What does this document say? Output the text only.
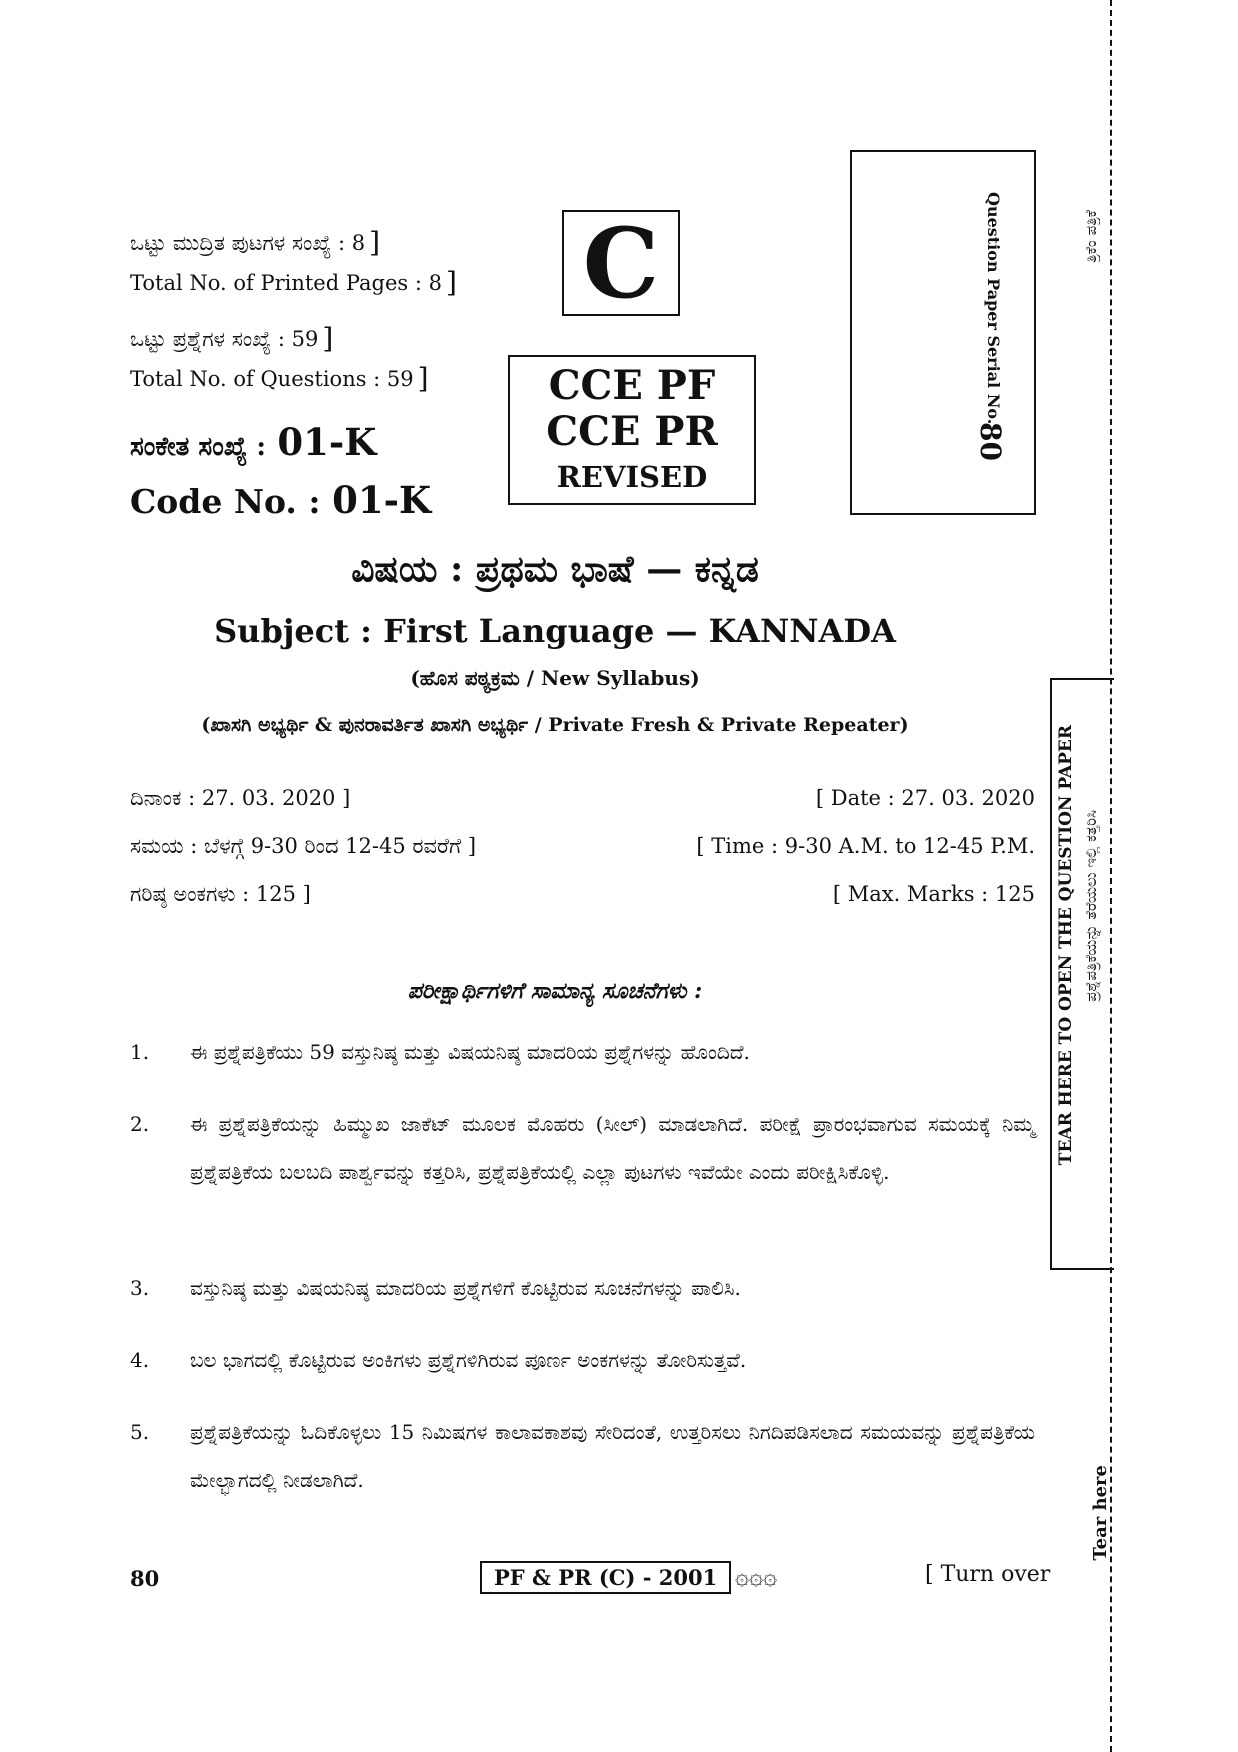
ಒಟ್ಟು ಮುದ್ರಿತ ಪುಟಗಳ ಸಂಖ್ಯೆ : 8 ]
Total No. of Printed Pages : 8 ]
ಒಟ್ಟು ಪ್ರಶ್ನೆಗಳ ಸಂಖ್ಯೆ : 59 ]
Total No. of Questions : 59 ]
ಸಂಕೇತ ಸಂಖ್ಯೆ : 01-K
Code No. : 01-K
C
CCE PF
CCE PR
REVISED
Question Paper Serial No.
80
ತ್ರಿಕೆಂ ಪತ್ರಿಕೆ
TEAR HERE TO OPEN THE QUESTION PAPER ಪ್ರಶ್ನೆಪತ್ರಿಕೆಯನ್ನು ತೆರೆಯಲು ಇಲ್ಲಿ ಕತ್ತರಿಸಿ
Tear here
ವಿಷಯ : ಪ್ರಥಮ ಭಾಷೆ — ಕನ್ನಡ
Subject : First Language — KANNADA
(ಹೊಸ ಪಠ್ಯಕ್ರಮ / New Syllabus)
(ಖಾಸಗಿ ಅಭ್ಯರ್ಥಿ & ಪುನರಾವರ್ತಿತ ಖಾಸಗಿ ಅಭ್ಯರ್ಥಿ / Private Fresh & Private Repeater)
ದಿನಾಂಕ : 27. 03. 2020 ]	[ Date : 27. 03. 2020
ಸಮಯ : ಬೆಳಗ್ಗೆ 9-30 ರಿಂದ 12-45 ರವರೆಗೆ ]	[ Time : 9-30 A.M. to 12-45 P.M.
ಗರಿಷ್ಠ ಅಂಕಗಳು : 125 ]	[ Max. Marks : 125
ಪರೀಕ್ಷಾರ್ಥಿಗಳಿಗೆ ಸಾಮಾನ್ಯ ಸೂಚನೆಗಳು :
1. ಈ ಪ್ರಶ್ನೆಪತ್ರಿಕೆಯು 59 ವಸ್ತುನಿಷ್ಠ ಮತ್ತು ವಿಷಯನಿಷ್ಠ ಮಾದರಿಯ ಪ್ರಶ್ನೆಗಳನ್ನು ಹೊಂದಿದೆ.
2. ಈ ಪ್ರಶ್ನೆಪತ್ರಿಕೆಯನ್ನು ಹಿಮ್ಮುಖ ಜಾಕೆಟ್ ಮೂಲಕ ಮೊಹರು (ಸೀಲ್) ಮಾಡಲಾಗಿದೆ. ಪರೀಕ್ಷೆ ಪ್ರಾರಂಭವಾಗುವ ಸಮಯಕ್ಕೆ ನಿಮ್ಮ ಪ್ರಶ್ನೆಪತ್ರಿಕೆಯ ಬಲಬದಿ ಪಾರ್ಶ್ವವನ್ನು ಕತ್ತರಿಸಿ, ಪ್ರಶ್ನೆಪತ್ರಿಕೆಯಲ್ಲಿ ಎಲ್ಲಾ ಪುಟಗಳು ಇವೆಯೇ ಎಂದು ಪರೀಕ್ಷಿಸಿಕೊಳ್ಳಿ.
3. ವಸ್ತುನಿಷ್ಠ ಮತ್ತು ವಿಷಯನಿಷ್ಠ ಮಾದರಿಯ ಪ್ರಶ್ನೆಗಳಿಗೆ ಕೊಟ್ಟಿರುವ ಸೂಚನೆಗಳನ್ನು ಪಾಲಿಸಿ.
4. ಬಲ ಭಾಗದಲ್ಲಿ ಕೊಟ್ಟಿರುವ ಅಂಕಿಗಳು ಪ್ರಶ್ನೆಗಳಿಗಿರುವ ಪೂರ್ಣ ಅಂಕಗಳನ್ನು ತೋರಿಸುತ್ತವೆ.
5. ಪ್ರಶ್ನೆಪತ್ರಿಕೆಯನ್ನು ಓದಿಕೊಳ್ಳಲು 15 ನಿಮಿಷಗಳ ಕಾಲಾವಕಾಶವು ಸೇರಿದಂತೆ, ಉತ್ತರಿಸಲು ನಿಗದಿಪಡಿಸಲಾದ ಸಮಯವನ್ನು ಪ್ರಶ್ನೆಪತ್ರಿಕೆಯ ಮೇಲ್ಭಾಗದಲ್ಲಿ ನೀಡಲಾಗಿದೆ.
80	PF & PR (C) - 2001 ۞۞۞	[ Turn over
